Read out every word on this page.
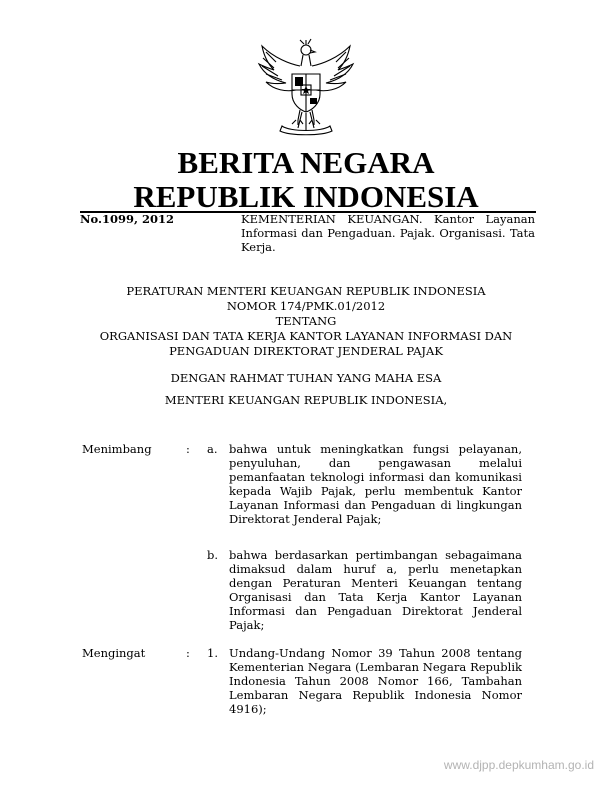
BERITA NEGARA
REPUBLIK INDONESIA
No.1099, 2012	KEMENTERIAN KEUANGAN. Kantor Layanan Informasi dan Pengaduan. Pajak. Organisasi. Tata Kerja.
PERATURAN MENTERI KEUANGAN REPUBLIK INDONESIA
NOMOR 174/PMK.01/2012
TENTANG
ORGANISASI DAN TATA KERJA KANTOR LAYANAN INFORMASI DAN
PENGADUAN DIREKTORAT JENDERAL PAJAK
DENGAN RAHMAT TUHAN YANG MAHA ESA
MENTERI KEUANGAN REPUBLIK INDONESIA,
Menimbang	: a. bahwa untuk meningkatkan fungsi pelayanan, penyuluhan, dan pengawasan melalui pemanfaatan teknologi informasi dan komunikasi kepada Wajib Pajak, perlu membentuk Kantor Layanan Informasi dan Pengaduan di lingkungan Direktorat Jenderal Pajak;
b. bahwa berdasarkan pertimbangan sebagaimana dimaksud dalam huruf a, perlu menetapkan dengan Peraturan Menteri Keuangan tentang Organisasi dan Tata Kerja Kantor Layanan Informasi dan Pengaduan Direktorat Jenderal Pajak;
Mengingat	: 1. Undang-Undang Nomor 39 Tahun 2008 tentang Kementerian Negara (Lembaran Negara Republik Indonesia Tahun 2008 Nomor 166, Tambahan Lembaran Negara Republik Indonesia Nomor 4916);
www.djpp.depkumham.go.id
